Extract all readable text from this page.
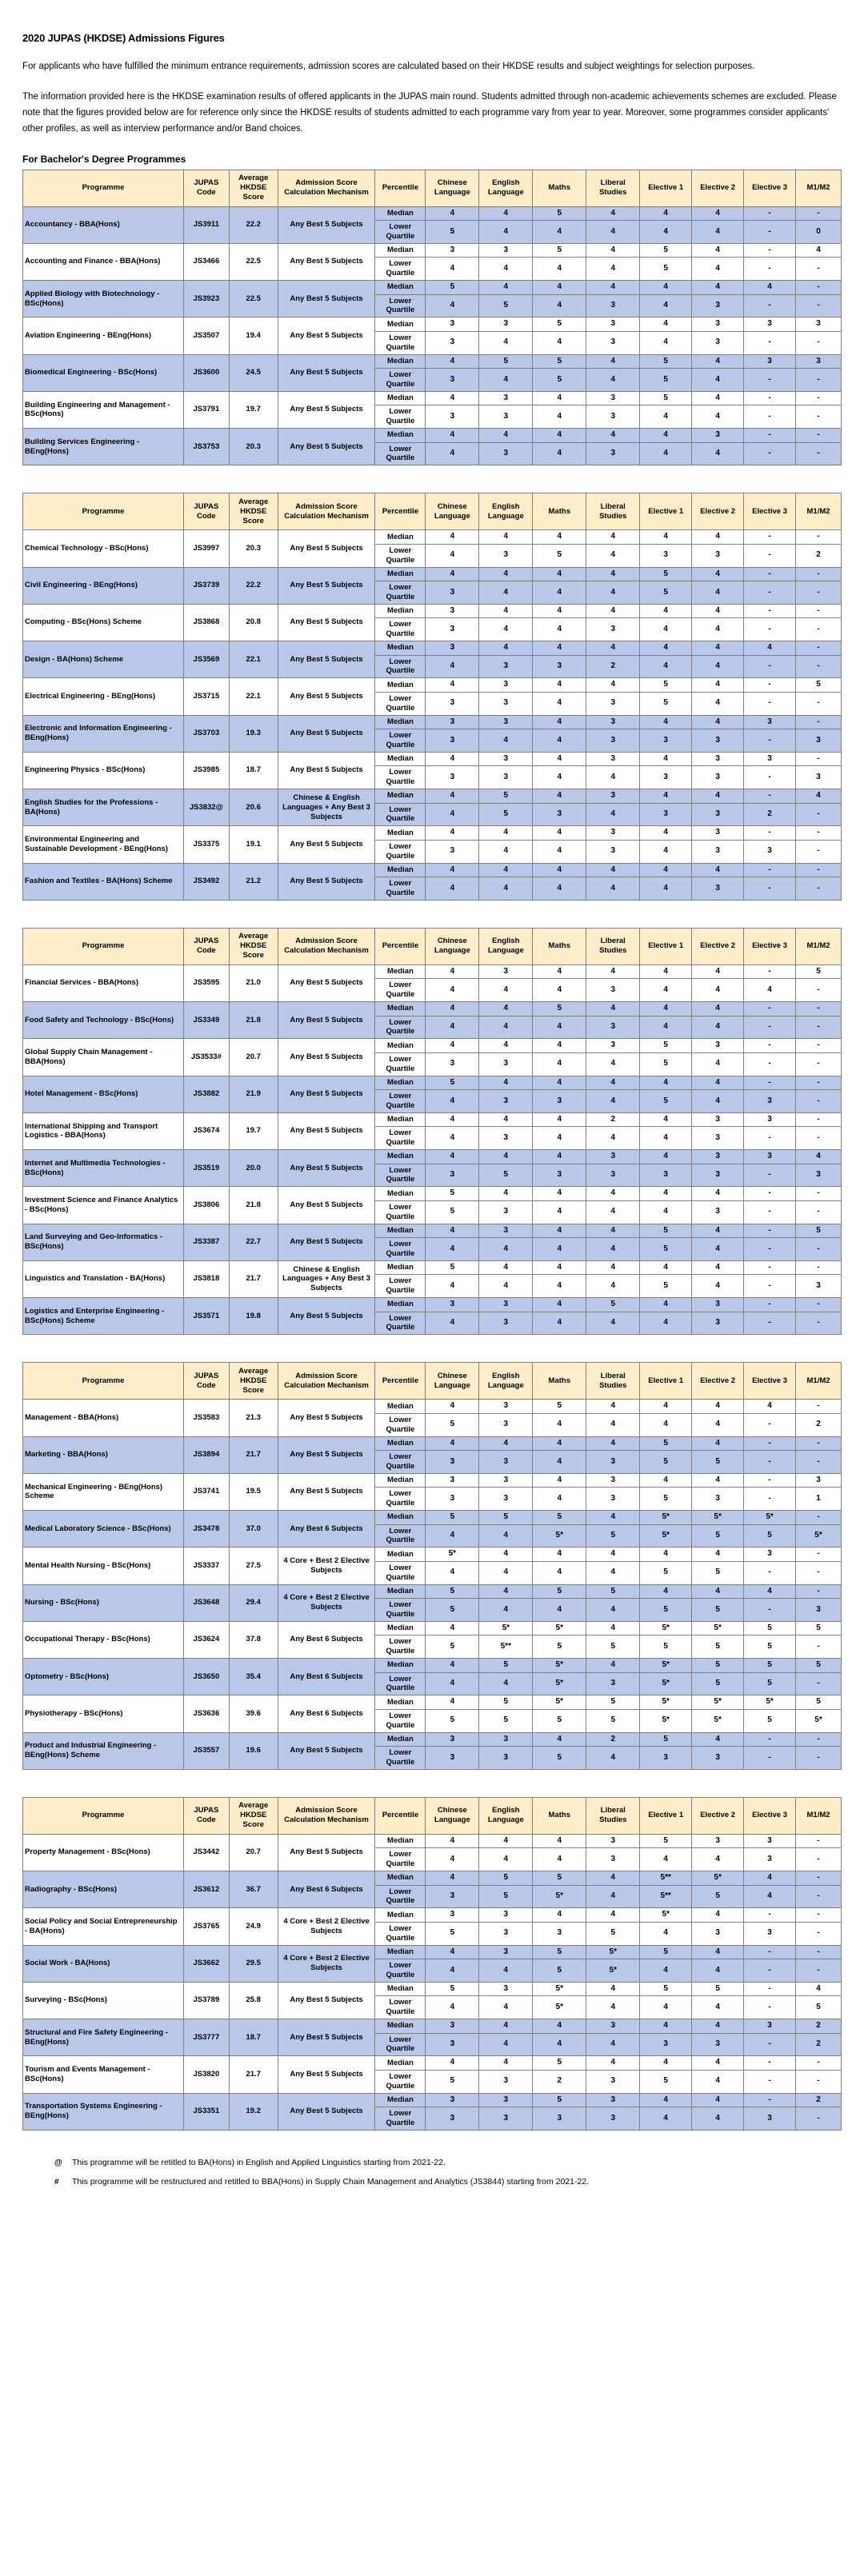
2020 JUPAS (HKDSE) Admissions Figures

For applicants who have fulfilled the minimum entrance requirements, admission scores are calculated based on their HKDSE results and subject weightings for selection purposes.

The information provided here is the HKDSE examination results of offered applicants in the JUPAS main round. Students admitted through non-academic achievements schemes are excluded. Please note that the figures provided below are for reference only since the HKDSE results of students admitted to each programme vary from year to year. Moreover, some programmes consider applicants' other profiles, as well as interview performance and/or Band choices.

For Bachelor's Degree Programmes
Programme	JUPAS Code	Average HKDSE Score	Admission Score Calculation Mechanism	Percentile	Chinese Language	English Language	Maths	Liberal Studies	Elective 1	Elective 2	Elective 3	M1/M2
Accountancy - BBA(Hons)	JS3911	22.2	Any Best 5 Subjects	Median	4	4	5	4	4	4	-	-
				Lower Quartile	5	4	4	4	4	4	-	0
Accounting and Finance - BBA(Hons)	JS3466	22.5	Any Best 5 Subjects	Median	3	3	5	4	5	4	-	4
				Lower Quartile	4	4	4	4	5	4	-	-
Applied Biology with Biotechnology - BSc(Hons)	JS3923	22.5	Any Best 5 Subjects	Median	5	4	4	4	4	4	4	-
				Lower Quartile	4	5	4	3	4	3	-	-
Aviation Engineering - BEng(Hons)	JS3507	19.4	Any Best 5 Subjects	Median	3	3	5	3	4	3	3	3
				Lower Quartile	3	4	4	3	4	3	-	-
Biomedical Engineering - BSc(Hons)	JS3600	24.5	Any Best 5 Subjects	Median	4	5	5	4	5	4	3	3
				Lower Quartile	3	4	5	4	5	4	-	-
Building Engineering and Management - BSc(Hons)	JS3791	19.7	Any Best 5 Subjects	Median	4	3	4	3	5	4	-	-
				Lower Quartile	3	3	4	3	4	4	-	-
Building Services Engineering - BEng(Hons)	JS3753	20.3	Any Best 5 Subjects	Median	4	4	4	4	4	3	-	-
				Lower Quartile	4	3	4	3	4	4	-	-
Programme	JUPAS Code	Average HKDSE Score	Admission Score Calculation Mechanism	Percentile	Chinese Language	English Language	Maths	Liberal Studies	Elective 1	Elective 2	Elective 3	M1/M2
Chemical Technology - BSc(Hons)	JS3997	20.3	Any Best 5 Subjects	Median	4	4	4	4	4	4	-	-
				Lower Quartile	4	3	5	4	3	3	-	2
Civil Engineering - BEng(Hons)	JS3739	22.2	Any Best 5 Subjects	Median	4	4	4	4	5	4	-	-
				Lower Quartile	3	4	4	4	5	4	-	-
Computing - BSc(Hons) Scheme	JS3868	20.8	Any Best 5 Subjects	Median	3	4	4	4	4	4	-	-
				Lower Quartile	3	4	4	3	4	4	-	-
Design - BA(Hons) Scheme	JS3569	22.1	Any Best 5 Subjects	Median	3	4	4	4	4	4	4	-
				Lower Quartile	4	3	3	2	4	4	-	-
Electrical Engineering - BEng(Hons)	JS3715	22.1	Any Best 5 Subjects	Median	4	3	4	4	5	4	-	5
				Lower Quartile	3	3	4	3	5	4	-	-
Electronic and Information Engineering - BEng(Hons)	JS3703	19.3	Any Best 5 Subjects	Median	3	3	4	3	4	4	3	-
				Lower Quartile	3	4	4	3	3	3	-	3
Engineering Physics - BSc(Hons)	JS3985	18.7	Any Best 5 Subjects	Median	4	3	4	3	4	3	3	-
				Lower Quartile	3	3	4	4	3	3	-	3
English Studies for the Professions - BA(Hons)	JS3832@	20.6	Chinese & English Languages + Any Best 3 Subjects	Median	4	5	4	3	4	4	-	4
				Lower Quartile	4	5	3	4	3	3	2	-
Environmental Engineering and Sustainable Development - BEng(Hons)	JS3375	19.1	Any Best 5 Subjects	Median	4	4	4	3	4	3	-	-
				Lower Quartile	3	4	4	3	4	3	3	-
Fashion and Textiles - BA(Hons) Scheme	JS3492	21.2	Any Best 5 Subjects	Median	4	4	4	4	4	4	-	-
				Lower Quartile	4	4	4	4	4	3	-	-
Programme	JUPAS Code	Average HKDSE Score	Admission Score Calculation Mechanism	Percentile	Chinese Language	English Language	Maths	Liberal Studies	Elective 1	Elective 2	Elective 3	M1/M2
Financial Services - BBA(Hons)	JS3595	21.0	Any Best 5 Subjects	Median	4	3	4	4	4	4	-	5
				Lower Quartile	4	4	4	3	4	4	4	-
Food Safety and Technology - BSc(Hons)	JS3349	21.8	Any Best 5 Subjects	Median	4	4	5	4	4	4	-	-
				Lower Quartile	4	4	4	3	4	4	-	-
Global Supply Chain Management - BBA(Hons)	JS3533#	20.7	Any Best 5 Subjects	Median	4	4	4	3	5	3	-	-
				Lower Quartile	3	3	4	4	5	4	-	-
Hotel Management - BSc(Hons)	JS3882	21.9	Any Best 5 Subjects	Median	5	4	4	4	4	4	-	-
				Lower Quartile	4	3	3	4	5	4	3	-
International Shipping and Transport Logistics - BBA(Hons)	JS3674	19.7	Any Best 5 Subjects	Median	4	4	4	2	4	3	3	-
				Lower Quartile	4	3	4	4	4	3	-	-
Internet and Multimedia Technologies - BSc(Hons)	JS3519	20.0	Any Best 5 Subjects	Median	4	4	4	3	4	3	3	4
				Lower Quartile	3	5	3	3	3	3	-	3
Investment Science and Finance Analytics - BSc(Hons)	JS3806	21.8	Any Best 5 Subjects	Median	5	4	4	4	4	4	-	-
				Lower Quartile	5	3	4	4	4	3	-	-
Land Surveying and Geo-Informatics - BSc(Hons)	JS3387	22.7	Any Best 5 Subjects	Median	4	3	4	4	5	4	-	5
				Lower Quartile	4	4	4	4	5	4	-	-
Linguistics and Translation - BA(Hons)	JS3818	21.7	Chinese & English Languages + Any Best 3 Subjects	Median	5	4	4	4	4	4	-	-
				Lower Quartile	4	4	4	4	5	4	-	3
Logistics and Enterprise Engineering - BSc(Hons) Scheme	JS3571	19.8	Any Best 5 Subjects	Median	3	3	4	5	4	3	-	-
				Lower Quartile	4	3	4	4	4	3	-	-
Programme	JUPAS Code	Average HKDSE Score	Admission Score Calculation Mechanism	Percentile	Chinese Language	English Language	Maths	Liberal Studies	Elective 1	Elective 2	Elective 3	M1/M2
Management - BBA(Hons)	JS3583	21.3	Any Best 5 Subjects	Median	4	3	5	4	4	4	4	-
				Lower Quartile	5	3	4	4	4	4	-	2
Marketing - BBA(Hons)	JS3894	21.7	Any Best 5 Subjects	Median	4	4	4	4	5	4	-	-
				Lower Quartile	3	3	4	3	5	5	-	-
Mechanical Engineering - BEng(Hons) Scheme	JS3741	19.5	Any Best 5 Subjects	Median	3	3	4	3	4	4	-	3
				Lower Quartile	3	3	4	3	5	3	-	1
Medical Laboratory Science - BSc(Hons)	JS3478	37.0	Any Best 6 Subjects	Median	5	5	5	4	5*	5*	5*	-
				Lower Quartile	4	4	5*	5	5*	5	5	5*
Mental Health Nursing - BSc(Hons)	JS3337	27.5	4 Core + Best 2 Elective Subjects	Median	5*	4	4	4	4	4	3	-
				Lower Quartile	4	4	4	4	5	5	-	-
Nursing - BSc(Hons)	JS3648	29.4	4 Core + Best 2 Elective Subjects	Median	5	4	5	5	4	4	4	-
				Lower Quartile	5	4	4	4	5	5	-	3
Occupational Therapy - BSc(Hons)	JS3624	37.8	Any Best 6 Subjects	Median	4	5*	5*	4	5*	5*	5	5
				Lower Quartile	5	5**	5	5	5	5	5	-
Optometry - BSc(Hons)	JS3650	35.4	Any Best 6 Subjects	Median	4	5	5*	4	5*	5	5	5
				Lower Quartile	4	4	5*	3	5*	5	5	-
Physiotherapy - BSc(Hons)	JS3636	39.6	Any Best 6 Subjects	Median	4	5	5*	5	5*	5*	5*	5
				Lower Quartile	5	5	5	5	5*	5*	5	5*
Product and Industrial Engineering - BEng(Hons) Scheme	JS3557	19.6	Any Best 5 Subjects	Median	3	3	4	2	5	4	-	-
				Lower Quartile	3	3	5	4	3	3	-	-
Programme	JUPAS Code	Average HKDSE Score	Admission Score Calculation Mechanism	Percentile	Chinese Language	English Language	Maths	Liberal Studies	Elective 1	Elective 2	Elective 3	M1/M2
Property Management - BSc(Hons)	JS3442	20.7	Any Best 5 Subjects	Median	4	4	4	3	5	3	3	-
				Lower Quartile	4	4	4	3	4	4	3	-
Radiography - BSc(Hons)	JS3612	36.7	Any Best 6 Subjects	Median	4	5	5	4	5**	5*	4	-
				Lower Quartile	3	5	5*	4	5**	5	4	-
Social Policy and Social Entrepreneurship - BA(Hons)	JS3765	24.9	4 Core + Best 2 Elective Subjects	Median	3	3	4	4	5*	4	-	-
				Lower Quartile	5	3	3	5	4	3	3	-
Social Work - BA(Hons)	JS3662	29.5	4 Core + Best 2 Elective Subjects	Median	4	3	5	5*	5	4	-	-
				Lower Quartile	4	4	5	5*	4	4	-	-
Surveying - BSc(Hons)	JS3789	25.8	Any Best 5 Subjects	Median	5	3	5*	4	5	5	-	4
				Lower Quartile	4	4	5*	4	4	4	-	5
Structural and Fire Safety Engineering - BEng(Hons)	JS3777	18.7	Any Best 5 Subjects	Median	3	4	4	3	4	4	3	2
				Lower Quartile	3	4	4	4	3	3	-	2
Tourism and Events Management - BSc(Hons)	JS3820	21.7	Any Best 5 Subjects	Median	4	4	5	4	4	4	-	-
				Lower Quartile	5	3	2	3	5	4	-	-
Transportation Systems Engineering - BEng(Hons)	JS3351	19.2	Any Best 5 Subjects	Median	3	3	5	3	4	4	-	2
				Lower Quartile	3	3	3	3	4	4	3	-
@	This programme will be retitled to BA(Hons) in English and Applied Linguistics starting from 2021-22.
#	This programme will be restructured and retitled to BBA(Hons) in Supply Chain Management and Analytics (JS3844) starting from 2021-22.
